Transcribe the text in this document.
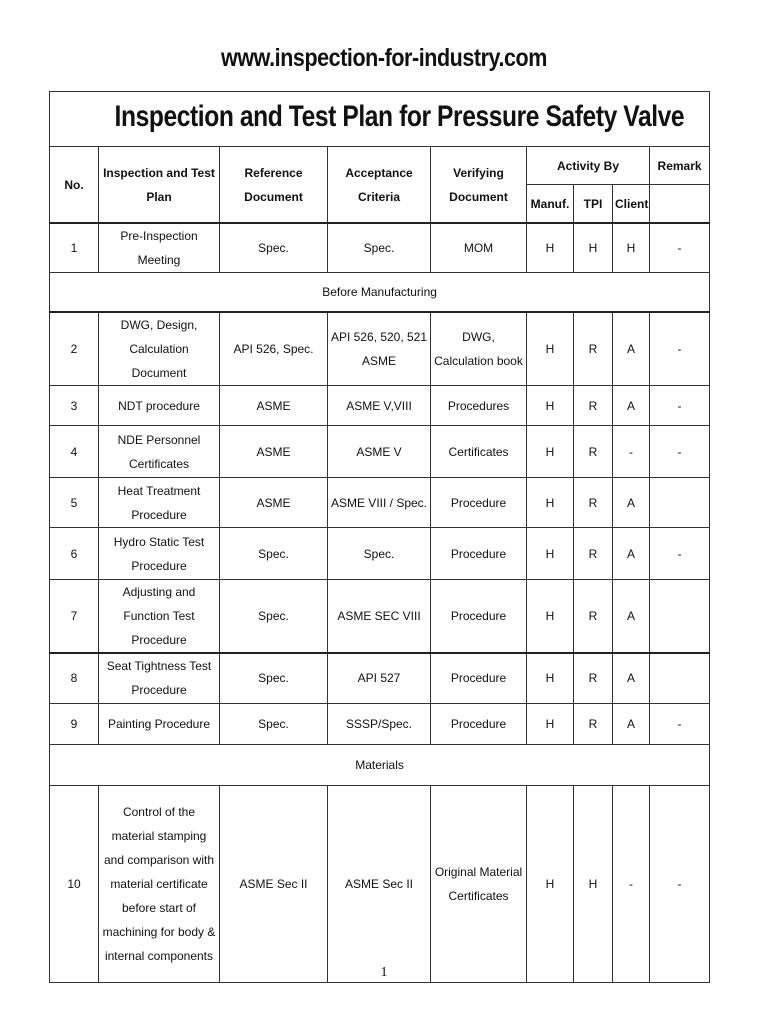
www.inspection-for-industry.com
Inspection and Test Plan for Pressure Safety Valve								
No.	Inspection and Test Plan	Reference Document	Acceptance Criteria	Verifying Document	Activity By			Remark
					Manuf.	TPI	Client	
1	Pre-Inspection Meeting	Spec.	Spec.	MOM	H	H	H	-
Before Manufacturing								
2	DWG, Design, Calculation Document	API 526, Spec.	API 526, 520, 521 ASME	DWG, Calculation book	H	R	A	-
3	NDT procedure	ASME	ASME V,VIII	Procedures	H	R	A	-
4	NDE Personnel Certificates	ASME	ASME V	Certificates	H	R	-	-
5	Heat Treatment Procedure	ASME	ASME VIII / Spec.	Procedure	H	R	A	
6	Hydro Static Test Procedure	Spec.	Spec.	Procedure	H	R	A	-
7	Adjusting and Function Test Procedure	Spec.	ASME SEC VIII	Procedure	H	R	A	
8	Seat Tightness Test Procedure	Spec.	API 527	Procedure	H	R	A	
9	Painting Procedure	Spec.	SSSP/Spec.	Procedure	H	R	A	-
Materials								
10	Control of the material stamping and comparison with material certificate before start of machining for body & internal components	ASME Sec II	ASME Sec II	Original Material Certificates	H	H	-	-
1
